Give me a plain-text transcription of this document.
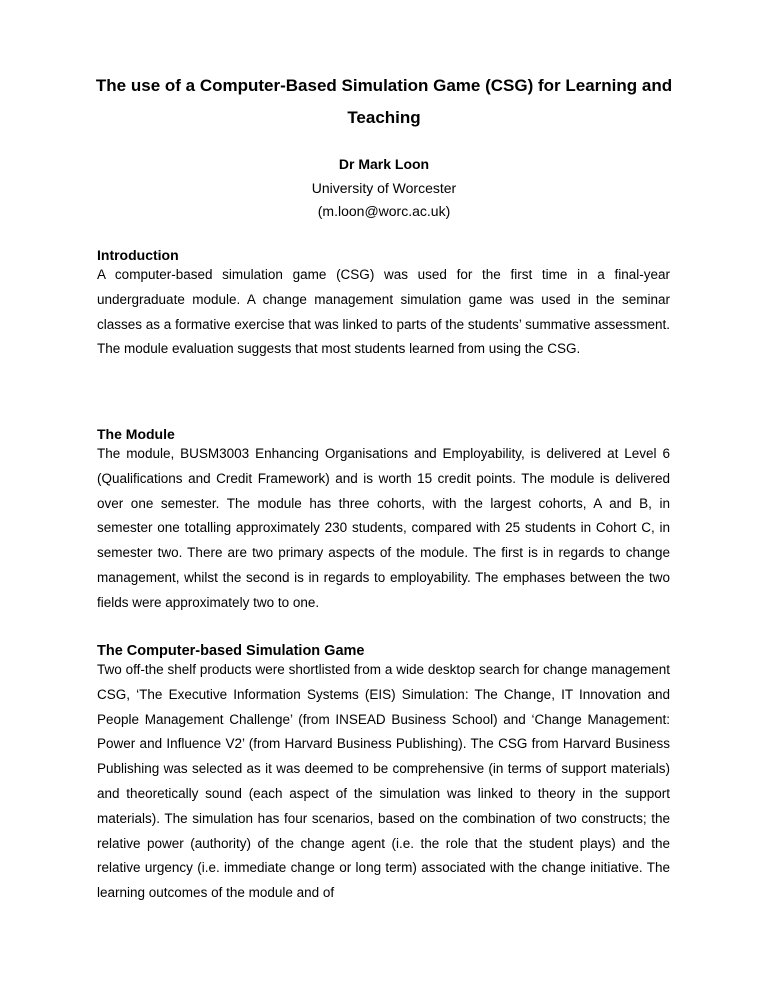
The use of a Computer-Based Simulation Game (CSG) for Learning and Teaching

Dr Mark Loon

University of Worcester

(m.loon@worc.ac.uk)

Introduction

A computer-based simulation game (CSG) was used for the first time in a final-year undergraduate module. A change management simulation game was used in the seminar classes as a formative exercise that was linked to parts of the students’ summative assessment. The module evaluation suggests that most students learned from using the CSG.

The Module

The module, BUSM3003 Enhancing Organisations and Employability, is delivered at Level 6 (Qualifications and Credit Framework) and is worth 15 credit points. The module is delivered over one semester. The module has three cohorts, with the largest cohorts, A and B, in semester one totalling approximately 230 students, compared with 25 students in Cohort C, in semester two. There are two primary aspects of the module. The first is in regards to change management, whilst the second is in regards to employability. The emphases between the two fields were approximately two to one.

The Computer-based Simulation Game

Two off-the shelf products were shortlisted from a wide desktop search for change management CSG, ‘The Executive Information Systems (EIS) Simulation: The Change, IT Innovation and People Management Challenge’ (from INSEAD Business School) and ‘Change Management: Power and Influence V2’ (from Harvard Business Publishing). The CSG from Harvard Business Publishing was selected as it was deemed to be comprehensive (in terms of support materials) and theoretically sound (each aspect of the simulation was linked to theory in the support materials). The simulation has four scenarios, based on the combination of two constructs; the relative power (authority) of the change agent (i.e. the role that the student plays) and the relative urgency (i.e. immediate change or long term) associated with the change initiative. The learning outcomes of the module and of
